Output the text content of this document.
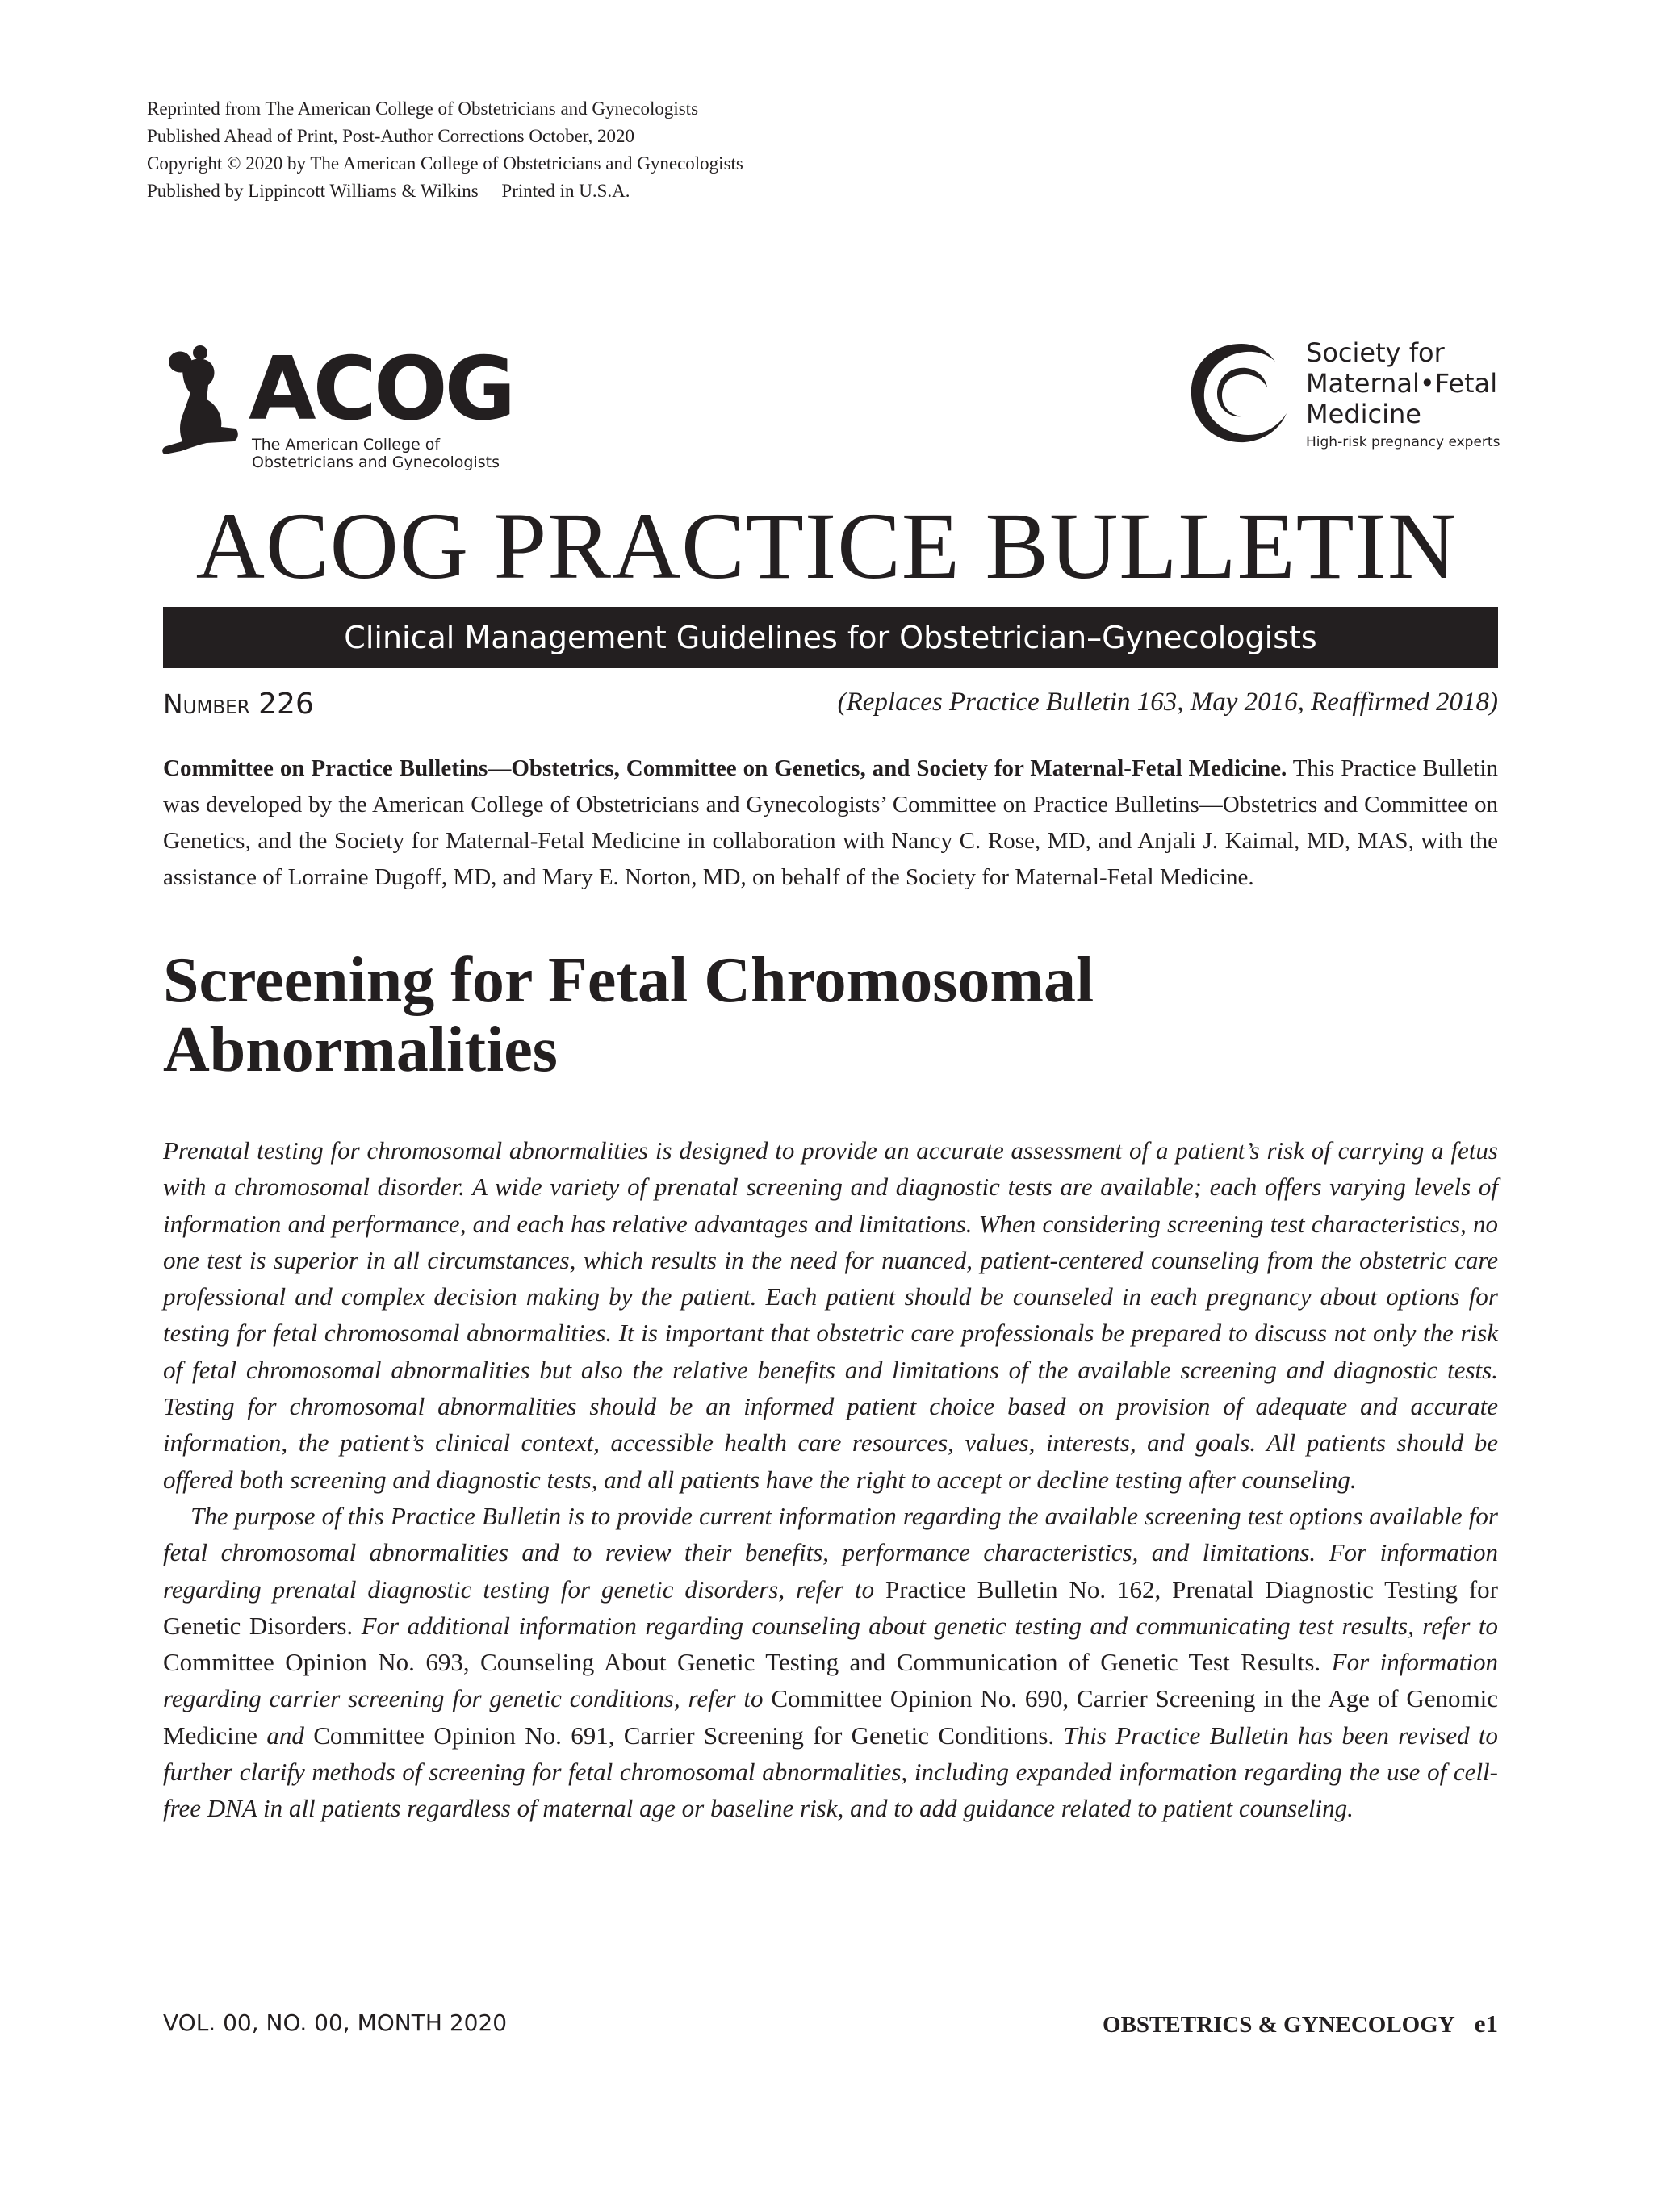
Reprinted from The American College of Obstetricians and Gynecologists
Published Ahead of Print, Post-Author Corrections October, 2020
Copyright © 2020 by The American College of Obstetricians and Gynecologists
Published by Lippincott Williams & Wilkins     Printed in U.S.A.
ACOG
The American College of
Obstetricians and Gynecologists
Society for
Maternal•Fetal
Medicine
High-risk pregnancy experts
ACOG PRACTICE BULLETIN
Clinical Management Guidelines for Obstetrician–Gynecologists
Number 226	(Replaces Practice Bulletin 163, May 2016, Reaffirmed 2018)
Committee on Practice Bulletins—Obstetrics, Committee on Genetics, and Society for Maternal-Fetal Medicine. This Practice Bulletin was developed by the American College of Obstetricians and Gynecologists’ Committee on Practice Bulletins—Obstetrics and Committee on Genetics, and the Society for Maternal-Fetal Medicine in collaboration with Nancy C. Rose, MD, and Anjali J. Kaimal, MD, MAS, with the assistance of Lorraine Dugoff, MD, and Mary E. Norton, MD, on behalf of the Society for Maternal-Fetal Medicine.
Screening for Fetal Chromosomal
Abnormalities

Prenatal testing for chromosomal abnormalities is designed to provide an accurate assessment of a patient’s risk of carrying a fetus with a chromosomal disorder. A wide variety of prenatal screening and diagnostic tests are available; each offers varying levels of information and performance, and each has relative advantages and limitations. When considering screening test characteristics, no one test is superior in all circumstances, which results in the need for nuanced, patient-centered counseling from the obstetric care professional and complex decision making by the patient. Each patient should be counseled in each pregnancy about options for testing for fetal chromosomal abnormalities. It is important that obstetric care professionals be prepared to discuss not only the risk of fetal chromosomal abnormalities but also the relative benefits and limitations of the available screening and diagnostic tests. Testing for chromosomal abnormalities should be an informed patient choice based on provision of adequate and accurate information, the patient’s clinical context, accessible health care resources, values, interests, and goals. All patients should be offered both screening and diagnostic tests, and all patients have the right to accept or decline testing after counseling.

The purpose of this Practice Bulletin is to provide current information regarding the available screening test options available for fetal chromosomal abnormalities and to review their benefits, performance characteristics, and limitations. For information regarding prenatal diagnostic testing for genetic disorders, refer to Practice Bulletin No. 162, Prenatal Diagnostic Testing for Genetic Disorders. For additional information regarding counseling about genetic testing and communicating test results, refer to Committee Opinion No. 693, Counseling About Genetic Testing and Communication of Genetic Test Results. For information regarding carrier screening for genetic conditions, refer to Committee Opinion No. 690, Carrier Screening in the Age of Genomic Medicine and Committee Opinion No. 691, Carrier Screening for Genetic Conditions. This Practice Bulletin has been revised to further clarify methods of screening for fetal chromosomal abnormalities, including expanded information regarding the use of cell-free DNA in all patients regardless of maternal age or baseline risk, and to add guidance related to patient counseling.

VOL. 00, NO. 00, MONTH 2020	OBSTETRICS & GYNECOLOGY e1
